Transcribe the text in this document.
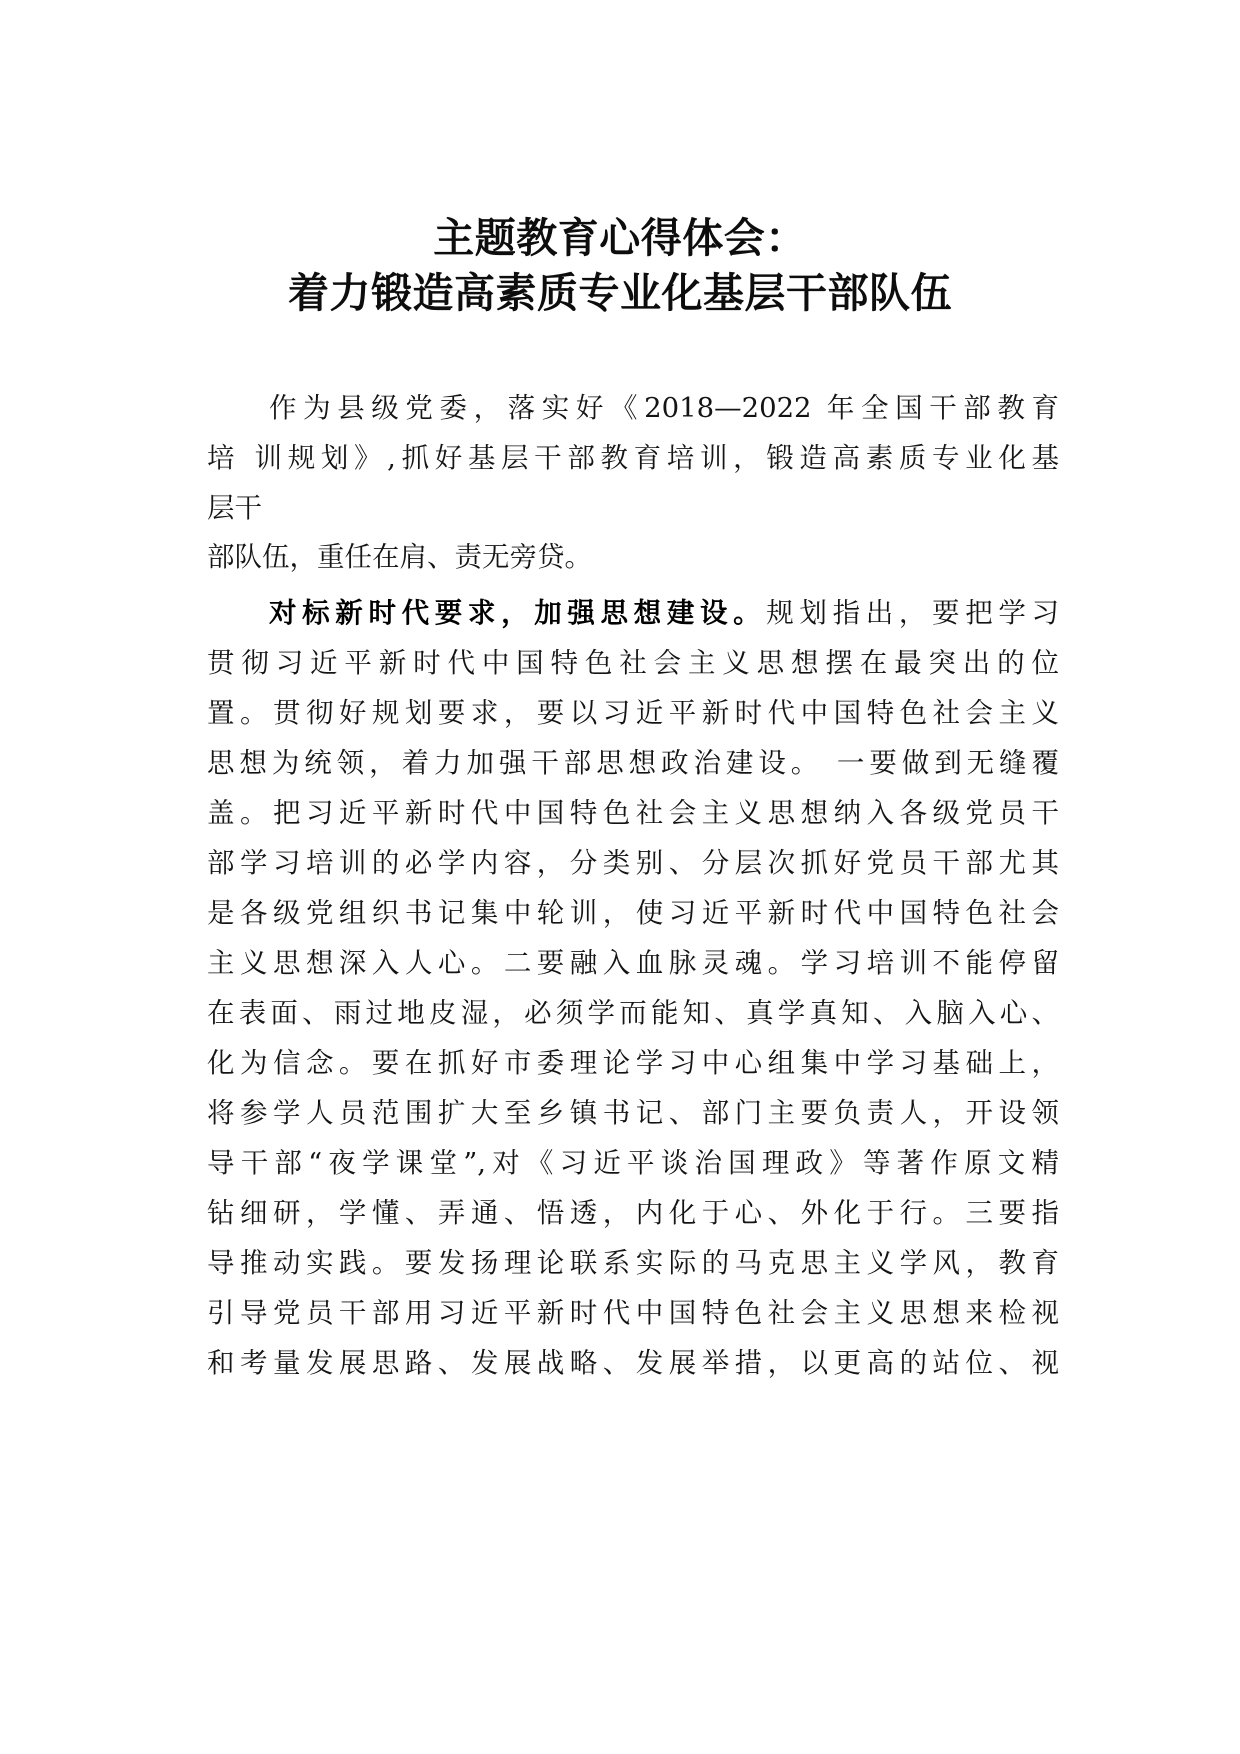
主题教育心得体会：
着力锻造高素质专业化基层干部队伍
作为县级党委，落实好《2018—2022 年全国干部教育
培 训规划》,抓好基层干部教育培训，锻造高素质专业化基
层干
部队伍，重任在肩、责无旁贷。
对标新时代要求，加强思想建设。规划指出，要把学习
贯彻习近平新时代中国特色社会主义思想摆在最突出的位
置。贯彻好规划要求，要以习近平新时代中国特色社会主义
思想为统领，着力加强干部思想政治建设。 一要做到无缝覆
盖。把习近平新时代中国特色社会主义思想纳入各级党员干
部学习培训的必学内容，分类别、分层次抓好党员干部尤其
是各级党组织书记集中轮训，使习近平新时代中国特色社会
主义思想深入人心。二要融入血脉灵魂。学习培训不能停留
在表面、雨过地皮湿，必须学而能知、真学真知、入脑入心、
化为信念。要在抓好市委理论学习中心组集中学习基础上，
将参学人员范围扩大至乡镇书记、部门主要负责人，开设领
导干部“夜学课堂”,对《习近平谈治国理政》等著作原文精
钻细研，学懂、弄通、悟透，内化于心、外化于行。三要指
导推动实践。要发扬理论联系实际的马克思主义学风，教育
引导党员干部用习近平新时代中国特色社会主义思想来检视
和考量发展思路、发展战略、发展举措，以更高的站位、视
